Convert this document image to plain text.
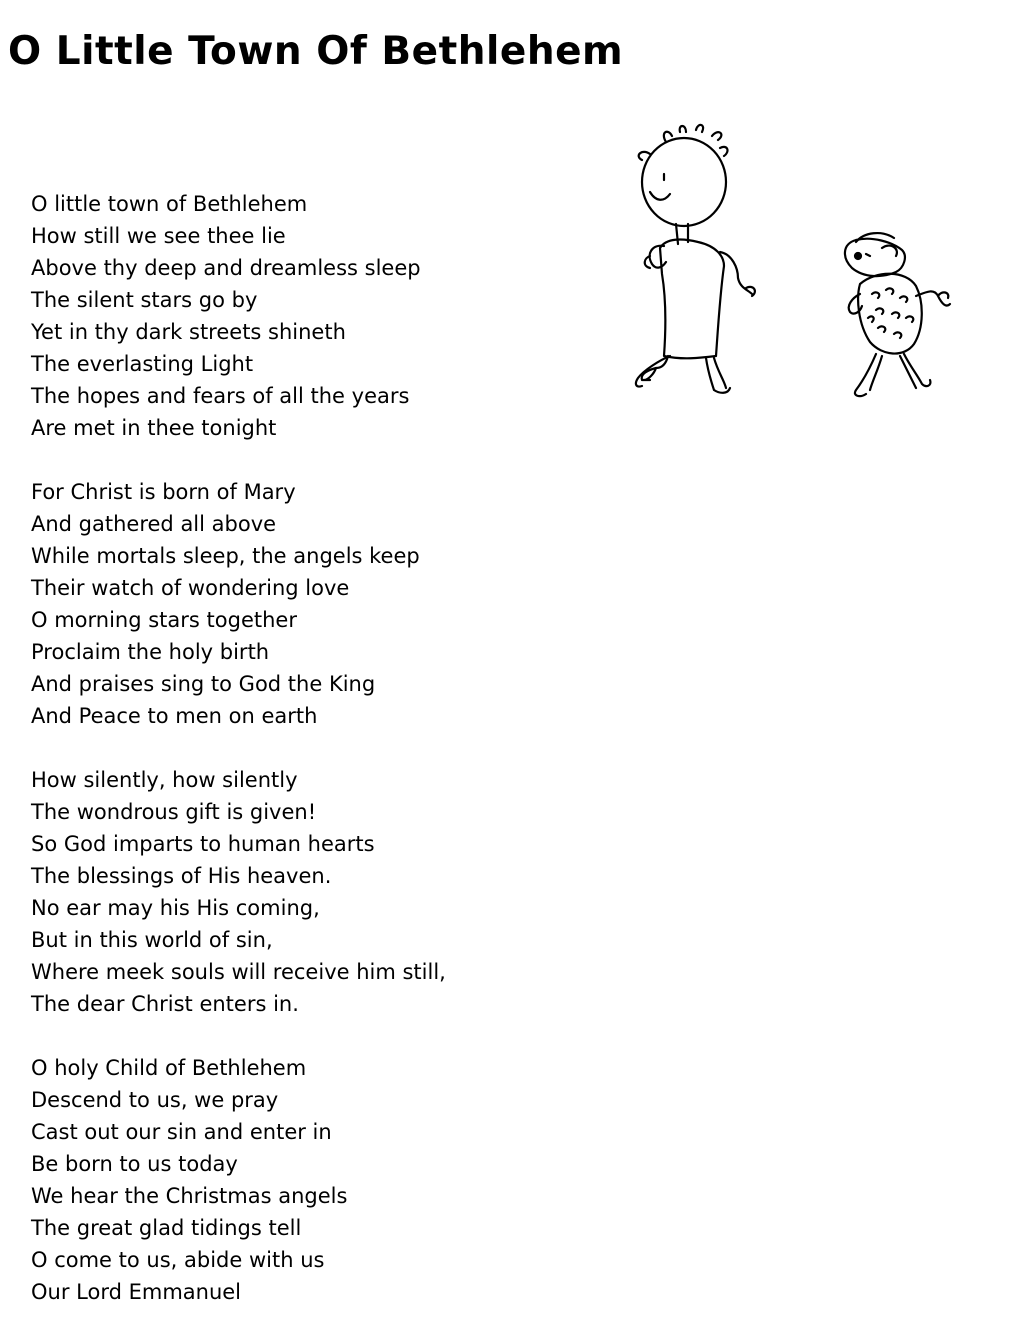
O Little Town Of Bethlehem
O little town of Bethlehem
How still we see thee lie
Above thy deep and dreamless sleep
The silent stars go by
Yet in thy dark streets shineth
The everlasting Light
The hopes and fears of all the years
Are met in thee tonight
For Christ is born of Mary
And gathered all above
While mortals sleep, the angels keep
Their watch of wondering love
O morning stars together
Proclaim the holy birth
And praises sing to God the King
And Peace to men on earth
How silently, how silently
The wondrous gift is given!
So God imparts to human hearts
The blessings of His heaven.
No ear may his His coming,
But in this world of sin,
Where meek souls will receive him still,
The dear Christ enters in.
O holy Child of Bethlehem
Descend to us, we pray
Cast out our sin and enter in
Be born to us today
We hear the Christmas angels
The great glad tidings tell
O come to us, abide with us
Our Lord Emmanuel
